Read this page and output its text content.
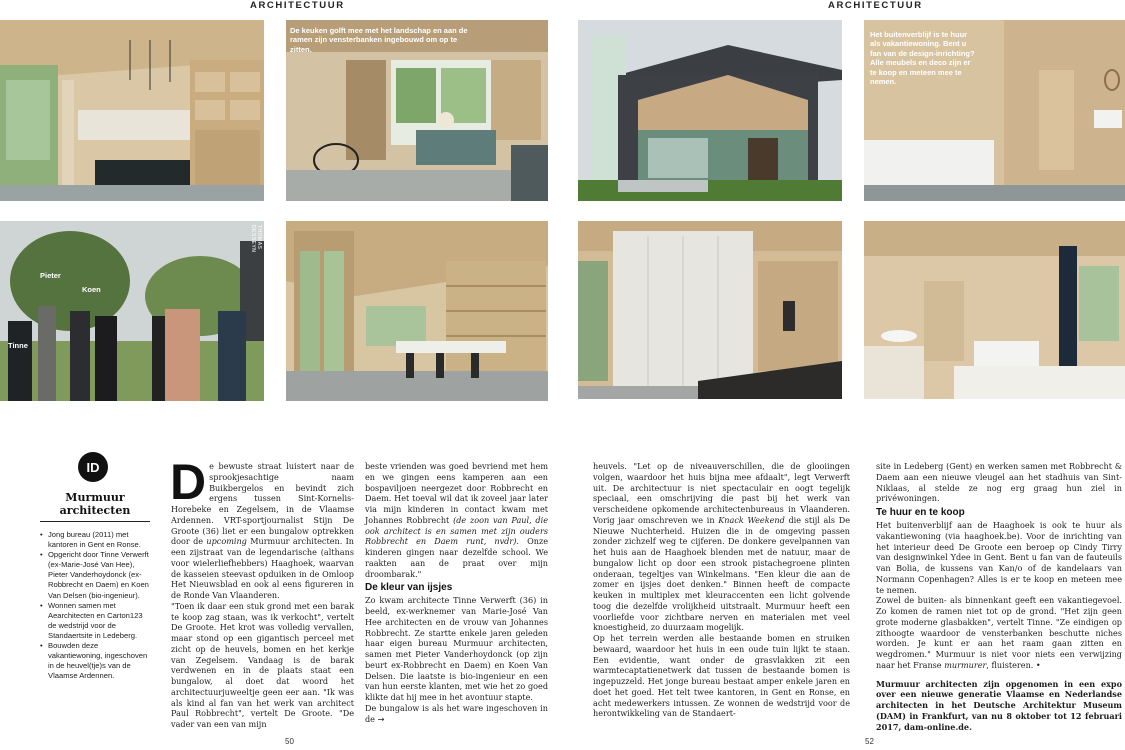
ARCHITECTUUR
De keuken golft mee met het landschap en aan de ramen zijn vensterbanken ingebouwd om op te zitten.
Pieter
Koen
Tinne
THOMAS DESSEYN
ID
Murmuur
architecten
• Jong bureau (2011) met kantoren in Gent en Ronse.
• Opgericht door Tinne Verwerft (ex-Marie-José Van Hee), Pieter Vanderhoydonck (ex-Robbrecht en Daem) en Koen Van Delsen (bio-ingenieur).
• Wonnen samen met Aearchitecten en Carton123 de wedstrijd voor de Standaertsite in Ledeberg.
• Bouwden deze vakantiewoning, ingeschoven in de heuvel(tje)s van de Vlaamse Ardennen.
De bewuste straat luistert naar de sprookjesachtige naam Buikbergelos en bevindt zich ergens tussen Sint-Kornelis-Horebeke en Zegelsem, in de Vlaamse Ardennen. VRT-sportjournalist Stijn De Groote (36) liet er een bungalow optrekken door de upcoming Murmuur architecten. In een zijstraat van de legendarische (althans voor wielerliefhebbers) Haaghoek, waarvan de kasseien steevast opduiken in de Omloop Het Nieuwsblad en ook al eens figureren in de Ronde Van Vlaanderen.

"Toen ik daar een stuk grond met een barak te koop zag staan, was ik verkocht", vertelt De Groote. Het krot was volledig vervallen, maar stond op een gigantisch perceel met zicht op de heuvels, bomen en het kerkje van Zegelsem. Vandaag is de barak verdwenen en in de plaats staat een bungalow, al doet dat woord het architectuurjuweeltje geen eer aan. "Ik was als kind al fan van het werk van architect Paul Robbrecht", vertelt De Groote. "De vader van een van mijn

beste vrienden was goed bevriend met hem en we gingen eens kamperen aan een bospaviljoen neergezet door Robbrecht en Daem. Het toeval wil dat ik zoveel jaar later via mijn kinderen in contact kwam met Johannes Robbrecht (de zoon van Paul, die ook architect is en samen met zijn ouders Robbrecht en Daem runt, nvdr). Onze kinderen gingen naar dezelfde school. We raakten aan de praat over mijn droombarak."

De kleur van ijsjes

Zo kwam architecte Tinne Verwerft (36) in beeld, ex-werknemer van Marie-José Van Hee architecten en de vrouw van Johannes Robbrecht. Ze startte enkele jaren geleden haar eigen bureau Murmuur architecten, samen met Pieter Vanderhoydonck (op zijn beurt ex-Robbrecht en Daem) en Koen Van Delsen. Die laatste is bio-ingenieur en een van hun eerste klanten, met wie het zo goed klikte dat hij mee in het avontuur stapte.

De bungalow is als het ware ingeschoven in de →

50
ARCHITECTUUR
Het buitenverblijf is te huur als vakantiewoning. Bent u fan van de design-inrichting? Alle meubels en deco zijn er te koop en meteen mee te nemen.

heuvels. "Let op de niveauverschillen, die de glooiingen volgen, waardoor het huis bijna mee afdaalt", legt Verwerft uit. De architectuur is niet spectaculair en oogt tegelijk speciaal, een omschrijving die past bij het werk van verscheidene opkomende architectenbureaus in Vlaanderen. Vorig jaar omschreven we in Knack Weekend die stijl als De Nieuwe Nuchterheid. Huizen die in de omgeving passen zonder zichzelf weg te cijferen. De donkere gevelpannen van het huis aan de Haaghoek blenden met de natuur, maar de bungalow licht op door een strook pistachegroene plinten onderaan, tegeltjes van Winkelmans. "Een kleur die aan de zomer en ijsjes doet denken." Binnen heeft de compacte keuken in multiplex met kleuraccenten een licht golvende toog die dezelfde vrolijkheid uitstraalt. Murmuur heeft een voorliefde voor zichtbare nerven en materialen met veel knoestigheid, zo duurzaam mogelijk.

Op het terrein werden alle bestaande bomen en struiken bewaard, waardoor het huis in een oude tuin lijkt te staan. Een evidentie, want onder de grasvlakken zit een warmtecaptatienetwerk dat tussen de bestaande bomen is ingepuzzeld. Het jonge bureau bestaat amper enkele jaren en doet het goed. Het telt twee kantoren, in Gent en Ronse, en acht medewerkers intussen. Ze wonnen de wedstrijd voor de herontwikkeling van de Standaert-

site in Ledeberg (Gent) en werken samen met Robbrecht & Daem aan een nieuwe vleugel aan het stadhuis van Sint-Niklaas, al stelde ze nog erg graag hun ziel in privéwoningen.

Te huur en te koop

Het buitenverblijf aan de Haaghoek is ook te huur als vakantiewoning (via haaghoek.be). Voor de inrichting van het interieur deed De Groote een beroep op Cindy Tirry van designwinkel Ydee in Gent. Bent u fan van de fauteuils van Bolia, de kussens van Kan/o of de kandelaars van Normann Copenhagen? Alles is er te koop en meteen mee te nemen.

Zowel de buiten- als binnenkant geeft een vakantiegevoel. Zo komen de ramen niet tot op de grond. "Het zijn geen grote moderne glasbakken", vertelt Tinne. "Ze eindigen op zithoogte waardoor de vensterbanken beschutte niches worden. Je kunt er aan het raam gaan zitten en wegdromen." Murmuur is niet voor niets een verwijzing naar het Franse murmurer, fluisteren. •

Murmuur architecten zijn opgenomen in een expo over een nieuwe generatie Vlaamse en Nederlandse architecten in het Deutsche Architektur Museum (DAM) in Frankfurt, van nu 8 oktober tot 12 februari 2017, dam-online.de.

52
